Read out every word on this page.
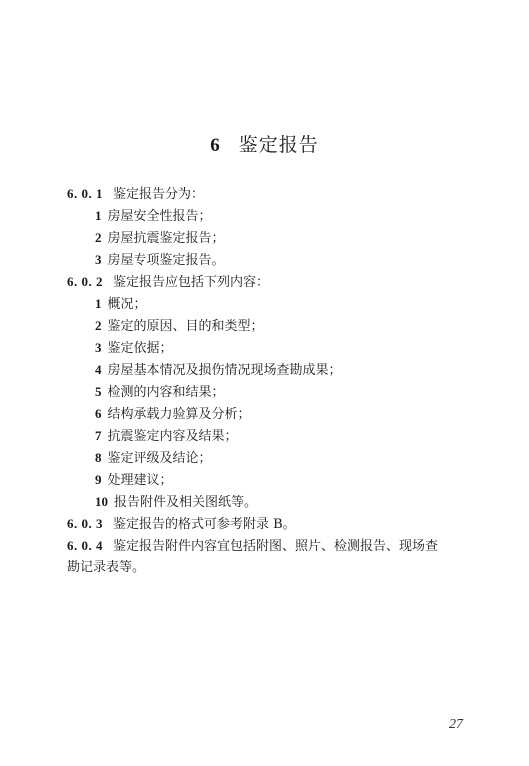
6 鉴定报告
6. 0. 1 鉴定报告分为：
1 房屋安全性报告；
2 房屋抗震鉴定报告；
3 房屋专项鉴定报告。
6. 0. 2 鉴定报告应包括下列内容：
1 概况；
2 鉴定的原因、目的和类型；
3 鉴定依据；
4 房屋基本情况及损伤情况现场查勘成果；
5 检测的内容和结果；
6 结构承载力验算及分析；
7 抗震鉴定内容及结果；
8 鉴定评级及结论；
9 处理建议；
10 报告附件及相关图纸等。
6. 0. 3 鉴定报告的格式可参考附录 B。
6. 0. 4 鉴定报告附件内容宜包括附图、照片、检测报告、现场查
勘记录表等。
27
